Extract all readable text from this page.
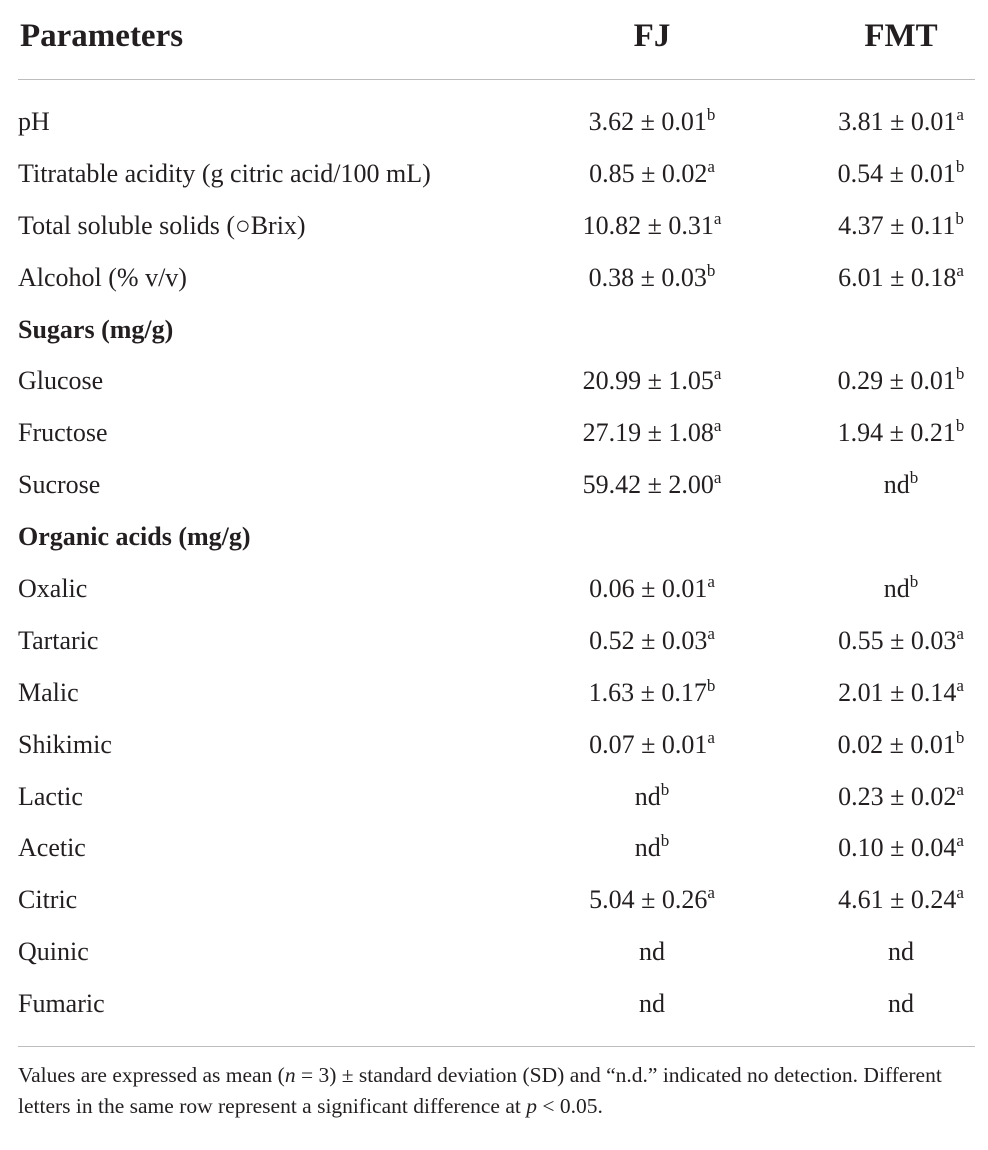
Parameters	FJ	FMT
pH	3.62 ± 0.01$^b$	3.81 ± 0.01$^a$
Titratable acidity (g citric acid/100 mL)	0.85 ± 0.02$^a$	0.54 ± 0.01$^b$
Total soluble solids (○Brix)	10.82 ± 0.31$^a$	4.37 ± 0.11$^b$
Alcohol (% v/v)	0.38 ± 0.03$^b$	6.01 ± 0.18$^a$
Sugars (mg/g)
Glucose	20.99 ± 1.05$^a$	0.29 ± 0.01$^b$
Fructose	27.19 ± 1.08$^a$	1.94 ± 0.21$^b$
Sucrose	59.42 ± 2.00$^a$	$nd^b$
Organic acids (mg/g)
Oxalic	0.06 ± 0.01$^a$	$nd^b$
Tartaric	0.52 ± 0.03$^a$	0.55 ± 0.03$^a$
Malic	1.63 ± 0.17$^b$	2.01 ± 0.14$^a$
Shikimic	0.07 ± 0.01$^a$	0.02 ± 0.01$^b$
Lactic	$nd^b$	0.23 ± 0.02$^a$
Acetic	$nd^b$	0.10 ± 0.04$^a$
Citric	5.04 ± 0.26$^a$	4.61 ± 0.24$^a$
Quinic	nd	nd
Fumaric	nd	nd
Values are expressed as mean (n = 3) ± standard deviation (SD) and “n.d.” indicated no detection. Different letters in the same row represent a significant difference at p < 0.05.
